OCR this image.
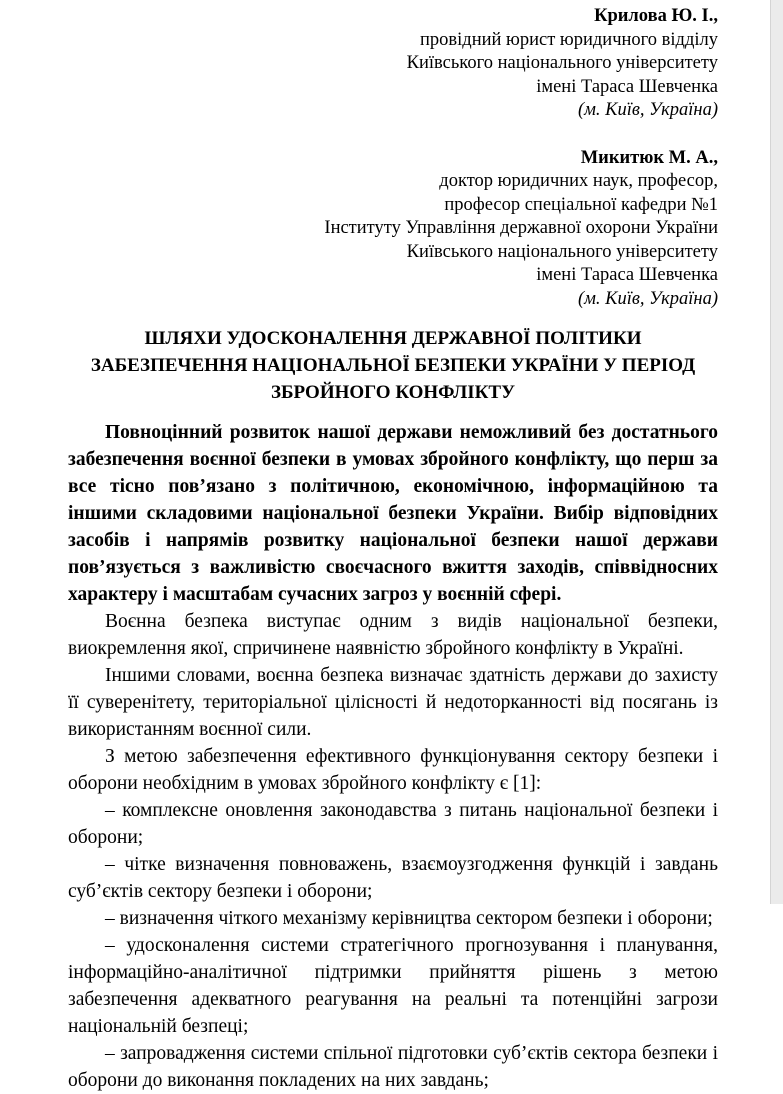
Крилова Ю. І.,
провідний юрист юридичного відділу
Київського національного університету
імені Тараса Шевченка
(м. Київ, Україна)
Микитюк М. А.,
доктор юридичних наук, професор,
професор спеціальної кафедри №1
Інституту Управління державної охорони України
Київського національного університету
імені Тараса Шевченка
(м. Київ, Україна)
ШЛЯХИ УДОСКОНАЛЕННЯ ДЕРЖАВНОЇ ПОЛІТИКИ
ЗАБЕЗПЕЧЕННЯ НАЦІОНАЛЬНОЇ БЕЗПЕКИ УКРАЇНИ У ПЕРІОД
ЗБРОЙНОГО КОНФЛІКТУ

Повноцінний розвиток нашої держави неможливий без достатнього забезпечення воєнної безпеки в умовах збройного конфлікту, що перш за все тісно пов’язано з політичною, економічною, інформаційною та іншими складовими національної безпеки України. Вибір відповідних засобів і напрямів розвитку національної безпеки нашої держави пов’язується з важливістю своєчасного вжиття заходів, співвідносних характеру і масштабам сучасних загроз у воєнній сфері.

Воєнна безпека виступає одним з видів національної безпеки, виокремлення якої, спричинене наявністю збройного конфлікту в Україні.

Іншими словами, воєнна безпека визначає здатність держави до захисту її суверенітету, територіальної цілісності й недоторканності від посягань із використанням воєнної сили.

З метою забезпечення ефективного функціонування сектору безпеки і оборони необхідним в умовах збройного конфлікту є [1]:

– комплексне оновлення законодавства з питань національної безпеки і оборони;

– чітке визначення повноважень, взаємоузгодження функцій і завдань суб’єктів сектору безпеки і оборони;

– визначення чіткого механізму керівництва сектором безпеки і оборони;

– удосконалення системи стратегічного прогнозування і планування, інформаційно-аналітичної підтримки прийняття рішень з метою забезпечення адекватного реагування на реальні та потенційні загрози національній безпеці;

– запровадження системи спільної підготовки суб’єктів сектора безпеки і оборони до виконання покладених на них завдань;
